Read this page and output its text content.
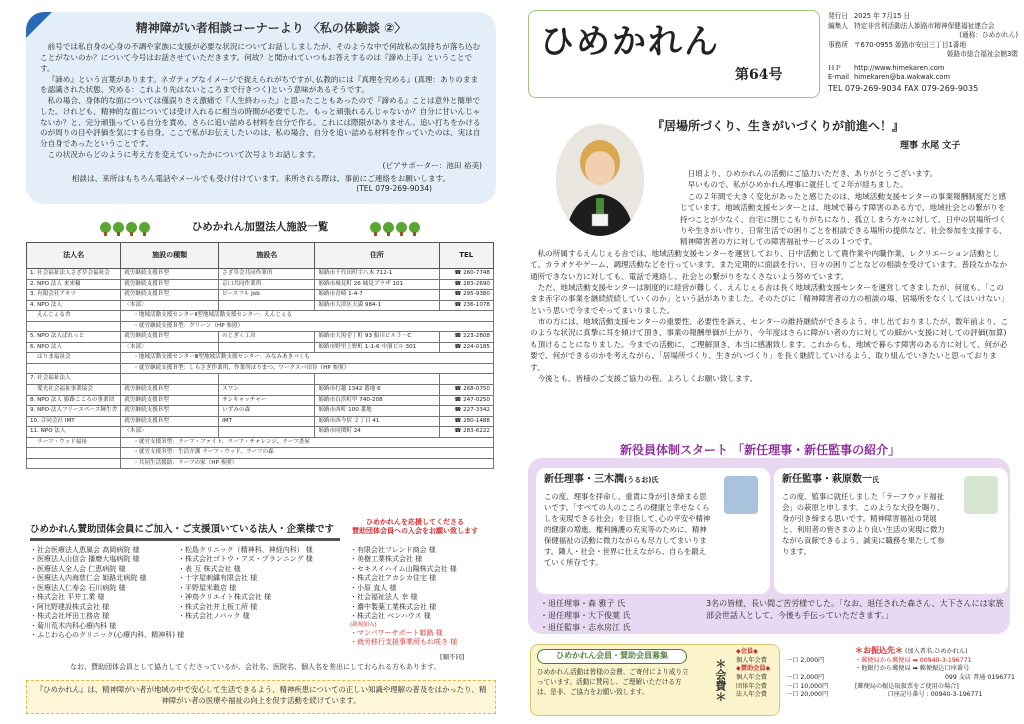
精神障がい者相談コーナーより 〈私の体験談 ②〉

前号では私自身の心身の不調や家族に支援が必要な状況についてお話ししましたが、そのような中で何故私の気持ちが落ち込むことがないのか？について今号はお話させていただきます。何故？と聞かれていつもお答えするのは『諦め上手』ということです。

『諦め』という言葉があります。ネガティブなイメージで捉えられがちですが､仏教的には『真理を究める』(真理：ありのままを認識された状態、究める：これより先はないところまで行きつく)という意味があるそうです。

私の場合、身体的な面については僅誤りさえ激痛で『人生終わった』と思ったこともあったので『諦める』ことは意外と簡単でした。けれども、精神的な面については受け入れるに相当の時間が必要でした。もっと頑張れるんじゃないか？自分に甘いんじゃないか？と、完分頑張っている自分を責め、さらに追い詰める材料を自分で作る。これには際限がありません。追い打ちをかけるのが周りの目や評価を気にする自身。ここで私がお伝えしたいのは、私の場合、自分を追い詰める材料を作っていたのは、実は自分自身であったということです。

この状況からどのように考え方を変えていったかについて次号よりお話します。

(ピアサポーター：池田 裕美)

相談は、来所はもちろん電話やメールでも受け付けています。来所される際は、事前にご連絡をお願いします。
(TEL 079-269-9034)
ひめかれん加盟法人施設一覧
法人名	施設の種類	施設名	住所	TEL
1. 社会福祉法人さざ草会福祉会	就労継続支援Ｂ型	さざ草会共同作業所	姫路市千代田町字八木 712-1	☎ 260-7748
2. NPO 法人 来来輪	就労継続支援Ｂ型	京口共同作業所	姫路市城見町 26 城見プラザ 101	☎ 283-2690
3. 有限会社アキツ	就労継続支援Ｂ型	ピースフル Job	姫路市青崎 1-4-7	☎ 295-9380
4. NPO 法人	〈本部〉		姫路市大津区天満 984-1	☎ 236-1078
えんじぇる舎	・地域活動支援センターⅡ型地域活動支援センター：えんじぇる			
	・就労継続支援Ｂ型：グリーン（HP 参照）			
5. NPO 法人ぱれっと	就労継続支援Ｂ型	のじぎく工房	姫路市大黒壱丁町 93 船川ビル３－C	☎ 223-2808
6. NPO 法人	〈本部〉		姫路市野里上野町 1-1-6 中濱ビル 301	☎ 224-0185
はりま福祉会	・地域活動支援センターⅢ型地域活動支援センター：みなみあきバくも			
	・就労継続支援Ｂ型：しらさぎ作業所、作業所ほりまつ、ワークスバ田谷（HP 参照）			
7. 社会福祉法人				
愛光社会福祉事業協会	就労継続支援Ｂ型	スワン	姫路市打越 1342 番地 6	☎ 268-0750
8. NPO 法人 姫路こころの事業団	就労継続支援Ｂ型	サンキャッチャー	姫路市白浜町甲 740-208	☎ 247-0250
9. NPO 法人フリースペース輝生舎	就労継続支援Ｂ型	いずみの森	姫路市西町 100 番地	☎ 227-3342
10. 合同会社 IMT	就労継続支援Ｂ型	IMT	姫路市西今宿 ２丁目 41	☎ 280-1488
11. NPO 法人	〈本部〉		姫路市同関町 24	☎ 283-6222
ラーフ・ウッド福祉	・就労支援Ｂ型：ラーフ・ファイト、ラーフ・チャレンジ、ラーフ書屋			
	・就労支援Ｂ型：生活介護 ラーフ・ウッド、ラーフの森			
	・共同生活援助：ラーフの家（HP 参照）			
ひめかれん賛助団体会員にご加入・ご支援頂いている法人・企業様です
ひめかれんを応援してくださる
賛助団体会員への入会をお願い致します
・社会医療法人恵風会 高岡病院 様
・医療法人山信会 播磨大塩病院 様
・医療法人全人会 仁恵病院 様
・医療法人内海慈仁会 姫路北病院 様
・医療法人仁寿会 石川病院 様
・株式会社 平井工業 様
・阿比野建設株式会社 様
・株式会社坪田工務店 様
・菊川荒木内科心療内科 様
・ふじわら心のクリニック(心療内科、精神科) 様
・松島クリニック（精神科、神経内科） 様
・株式会社ゴトウ・アズ・プランニング 様
・表 互 株式会社 様
・十字屋刺繍有限会社 様
・平野屋米穀店 様
・神鳥クリエイト株式会社 様
・株式会社井上板工所 様
・株式会社ノバック 様
・有限会社フレンド商会 様
・美樹工業株式会社 様
・セキスイハイム山陽株式会社 様
・株式会社アカシカ住宅 様
・小原 直人 様
・社会福祉法人 幸 様
・濃中製薬工業株式会社 様
・株式会社 ベンハウス 様
(新規加入)
・マンパワーサポート姫路 様
・就労移行支援事業所もれ咲き 様
[順不同]
なお、賛助団体会員として協力してくださっているが、会社名、医院名、個人名を差出にしておられる方もあります。
『ひめかれん』は、精神障がい者が地域の中で安心して生活できるよう、精神疾患についての正しい知識や理解の普及をはかったり、精神障がい者の医療や福祉の向上を促す活動を続けています。
ひめかれん
第64号
発行日 2025 年 7月15 日
編集人 特定非営利活動法人姫路市精神保健福祉連合会
(通称：ひめかれん)
事務所 〒670-0955 姫路市安田三丁目1番地
姫路市総合福祉会館3階
ＨＰ	http://www.himekaren.com
E-mail himekaren@ba.wakwak.com
TEL 079-269-9034 FAX 079-269-9035
『居場所づくり、生きがいづくりが前進へ！』
理事 水尾 文子

日頃より、ひめかれんの活動にご協力いただき、ありがとうございます。

早いもので、私がひめかれん理事に就任して２年が経ちました。

この２年間で大きく変化があったと感じたのは、地域活動支援センターの事業報酬制度だと感じています。地域活動支援センターとは、地域で暮らす障害のある方で、地域社会との繋がりを持つことが少なく、自宅に閉じこもりがちになり、孤立しまう方々に対して、日中の居場所づくりや生きがい作り、日常生活での困りごとを相談できる場所の提供など、社会参加を支援する、精神障害者の方に対しての障害福祉サービスの１つです。

私の所属するえんじぇる舎では、地域活動支援センターを運営しており、日中活動として農作業や内職作業、レクリエーション活動として、カラオケやゲーム、調理活動などを行っています。また定期的に面談を行い、日々の困りごとなどの相談を受けています。普段なかなか通所できない方に対しても、電話で連絡し、社会との繋がりをなくさないよう努めています。

ただ、地域活動支援センターは制度的に経営が難しく、えんじぇる舎は長く地域活動支援センターを運営してきましたが、何度も、「このまま赤字の事業を継続続続していくのか」という話がありました。そのたびに「精神障害者の方の相談の場、居場所をなくしてはいけない」という思いで今までやってまいりました。

市の方には、地域活動支援センターの重要性、必要性を訴え、センターの維持継続ができるよう、申し出ておりましたが、数年前より、このような状況に真摯に耳を傾けて頂き、事業の報酬単価が上がり、今年度はさらに障がい者の方に対しての細かい支援に対しての評価(加算)も頂けることになりました。今までの活動に、ご理解頂き、本当に感謝致します。これからも、地域で暮らす障害のある方に対して、何が必要で、何ができるのかを考えながら、「居場所づくり、生きがいづくり」を長く継続していけるよう、取り組んでいきたいと思っております。

今後とも、皆様のご支援ご協力の程、よろしくお願い致します。

新役員体制スタート 「新任理事・新任監事の紹介」
新任理事・三木潤(うるお)氏

この度、理事を拝命し、重責に身が引き締まる思いです。「すべての人のこころの健康と幸せなくらしを実現できる社会」を目指して､心の平安や精神的健康の増進、権利擁護の充実等のために、精神保健福祉の活動に微力ながらも尽力してまいります。隣人・社会・世界に仕えながら、自らを鍛えていく所存です。

新任監事・萩原数一氏

この度、監事に就任しました「ラーフウッド福祉会」の萩原と申します。このような大役を賜り、身が引き締まる思いです。精神障害福祉の発展と、利用者の皆さまのより良い生活の実現に微力ながら貢献できるよう、誠実に職務を果たして参ります。

・退任理事・森 雅子 氏
・退任理事・大下俊葉 氏
・退任監事・志水房江 氏
3名の皆様、長い間ご苦労様でした。「なお、退任された森さん、大下さんには家族部会世話人として、今後も手伝っていただきます。」
ひめかれん会員・賛助会員募集
ひめかれん活動は皆様の会費、ご寄付により成り立っています。活動に賛同し、ご理解いただける方は、是非、ご協力をお願い致します。	＊会費＊
◆会員◆
個人年会費	一口 2,000円
◆賛助会員◆
個人年会費	一口 2,000円
団体年会費	一口 10,000円
法人年会費	一口 20,000円
＊お振込先＊ (加入者名:ひめかれん)
・郵便局から郵便局 ➡ 00940-3-196771
・他銀行から郵便局 ➡ 郵便振込口座番号
099 支店 普通 0196771
[郵便局の振込取扱票をご使用の場合]
口座記号番号 : 00940-3-196771
